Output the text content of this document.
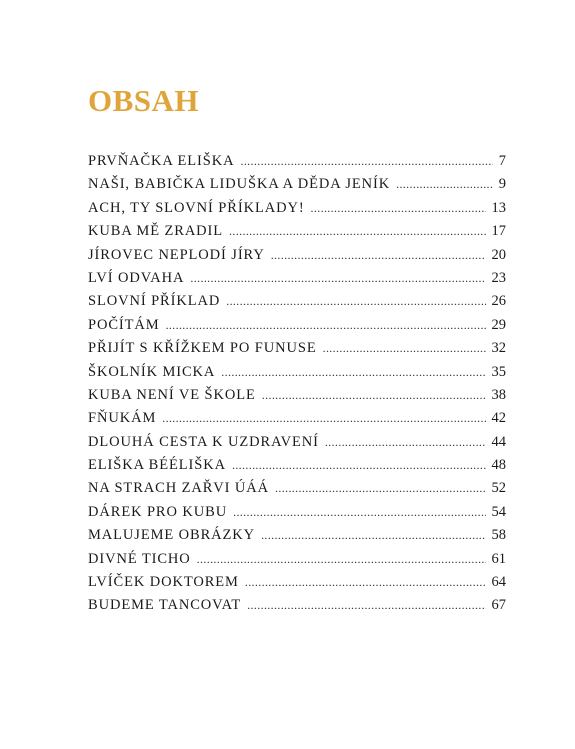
OBSAH
PRVŇAČKA ELIŠKA .....	7
NAŠI, BABIČKA LIDUŠKA A DĚDA JENÍK .....	9
ACH, TY SLOVNÍ PŘÍKLADY! .....	13
KUBA MĚ ZRADIL .....	17
JÍROVEC NEPLODÍ JÍRY .....	20
LVÍ ODVAHA .....	23
SLOVNÍ PŘÍKLAD .....	26
POČÍTÁM .....	29
PŘIJÍT S KŘÍŽKEM PO FUNUSE .....	32
ŠKOLNÍK MICKA .....	35
KUBA NENÍ VE ŠKOLE .....	38
FŇUKÁM .....	42
DLOUHÁ CESTA K UZDRAVENÍ .....	44
ELIŠKA BÉÉLIŠKA .....	48
NA STRACH ZAŘVI ÚÁÁ .....	52
DÁREK PRO KUBU .....	54
MALUJEME OBRÁZKY .....	58
DIVNÉ TICHO .....	61
LVÍČEK DOKTOREM .....	64
BUDEME TANCOVAT .....	67
